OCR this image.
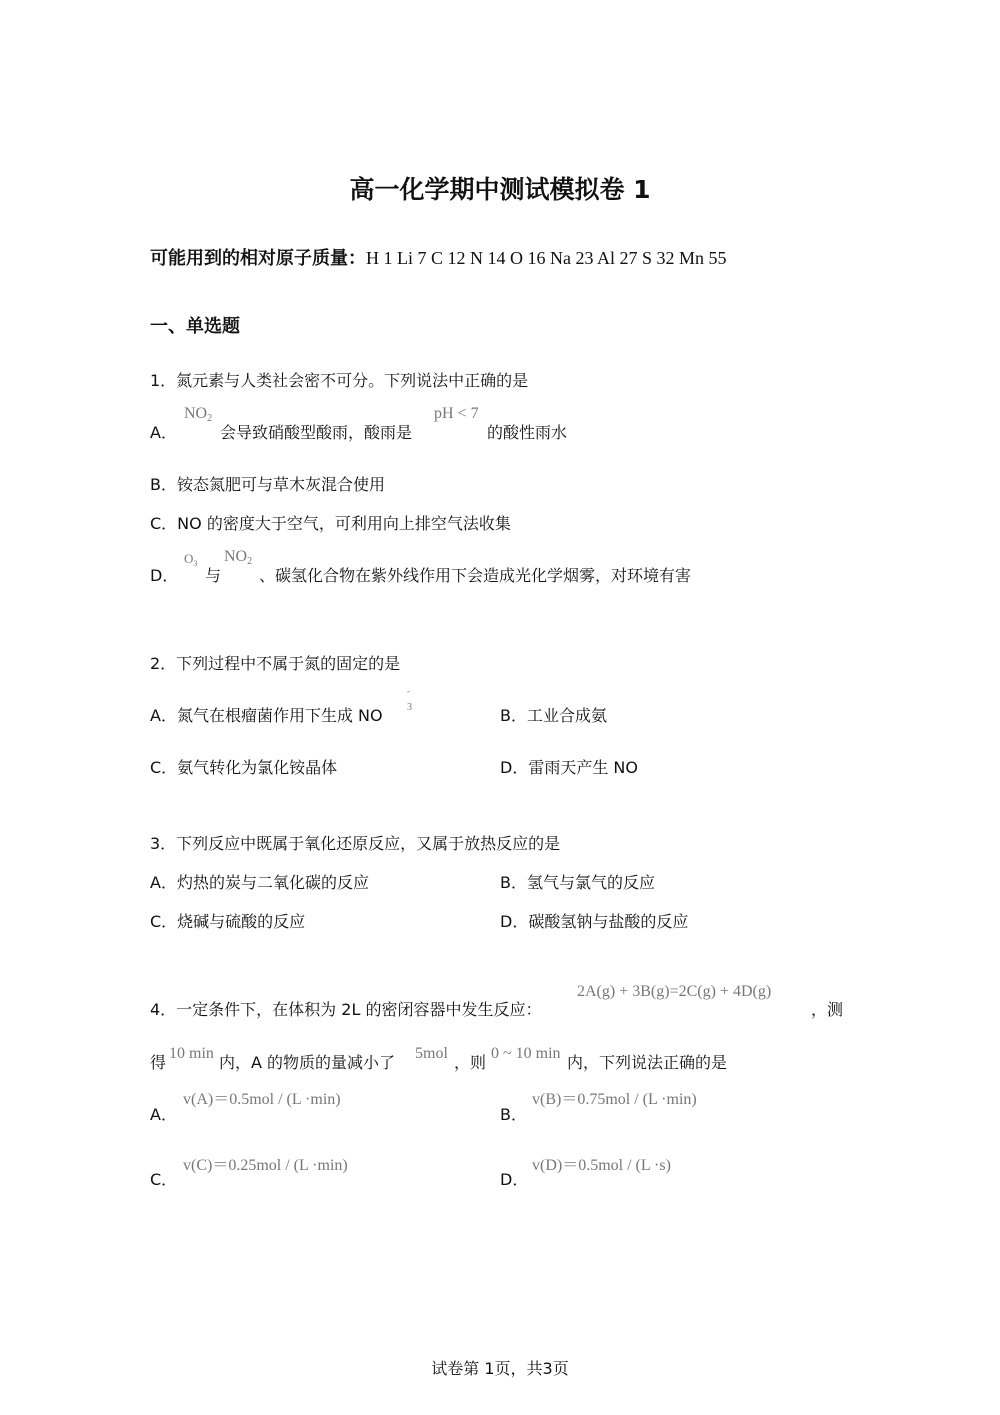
高一化学期中测试模拟卷 1
可能用到的相对原子质量：H 1 Li 7 C 12 N 14 O 16 Na 23 Al 27 S 32 Mn 55
一、单选题
1．氮元素与人类社会密不可分。下列说法中正确的是
A．
$NO_2$
会导致硝酸型酸雨，酸雨是
pH < 7
的酸性雨水
B．铵态氮肥可与草木灰混合使用
C．NO 的密度大于空气，可利用向上排空气法收集
D．
$O_3$
与
$NO_2$
、碳氢化合物在紫外线作用下会造成光化学烟雾，对环境有害
2．下列过程中不属于氮的固定的是
A．氮气在根瘤菌作用下生成 NO
-
3	B．工业合成氨
C．氨气转化为氯化铵晶体	D．雷雨天产生 NO
3．下列反应中既属于氧化还原反应，又属于放热反应的是
A．灼热的炭与二氧化碳的反应	B．氢气与氯气的反应
C．烧碱与硫酸的反应	D．碳酸氢钠与盐酸的反应
4．一定条件下，在体积为 2L 的密闭容器中发生反应：
2A(g) + 3B(g)=2C(g) + 4D(g)
，测
得 10 min 内，A 的物质的量减小了 5mol ，则 0 ~ 10 min 内，下列说法正确的是
A．
v(A)＝0.5mol / (L ·min)
B．
v(B)＝0.75mol / (L ·min)
C．
v(C)＝0.25mol / (L ·min)
D．
v(D)＝0.5mol / (L ·s)
试卷第 1页，共3页
